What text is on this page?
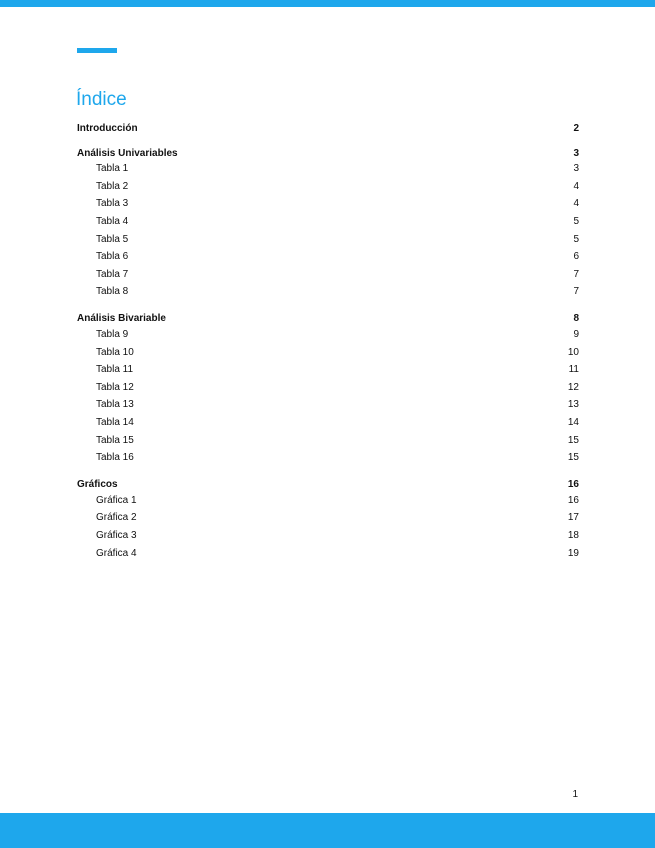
Índice
Introducción	2
Análisis Univariables	3
Tabla 1	3
Tabla 2	4
Tabla 3	4
Tabla 4	5
Tabla 5	5
Tabla 6	6
Tabla 7	7
Tabla 8	7
Análisis Bivariable	8
Tabla 9	9
Tabla 10	10
Tabla 11	11
Tabla 12	12
Tabla 13	13
Tabla 14	14
Tabla 15	15
Tabla 16	15
Gráficos	16
Gráfica 1	16
Gráfica 2	17
Gráfica 3	18
Gráfica 4	19
1
